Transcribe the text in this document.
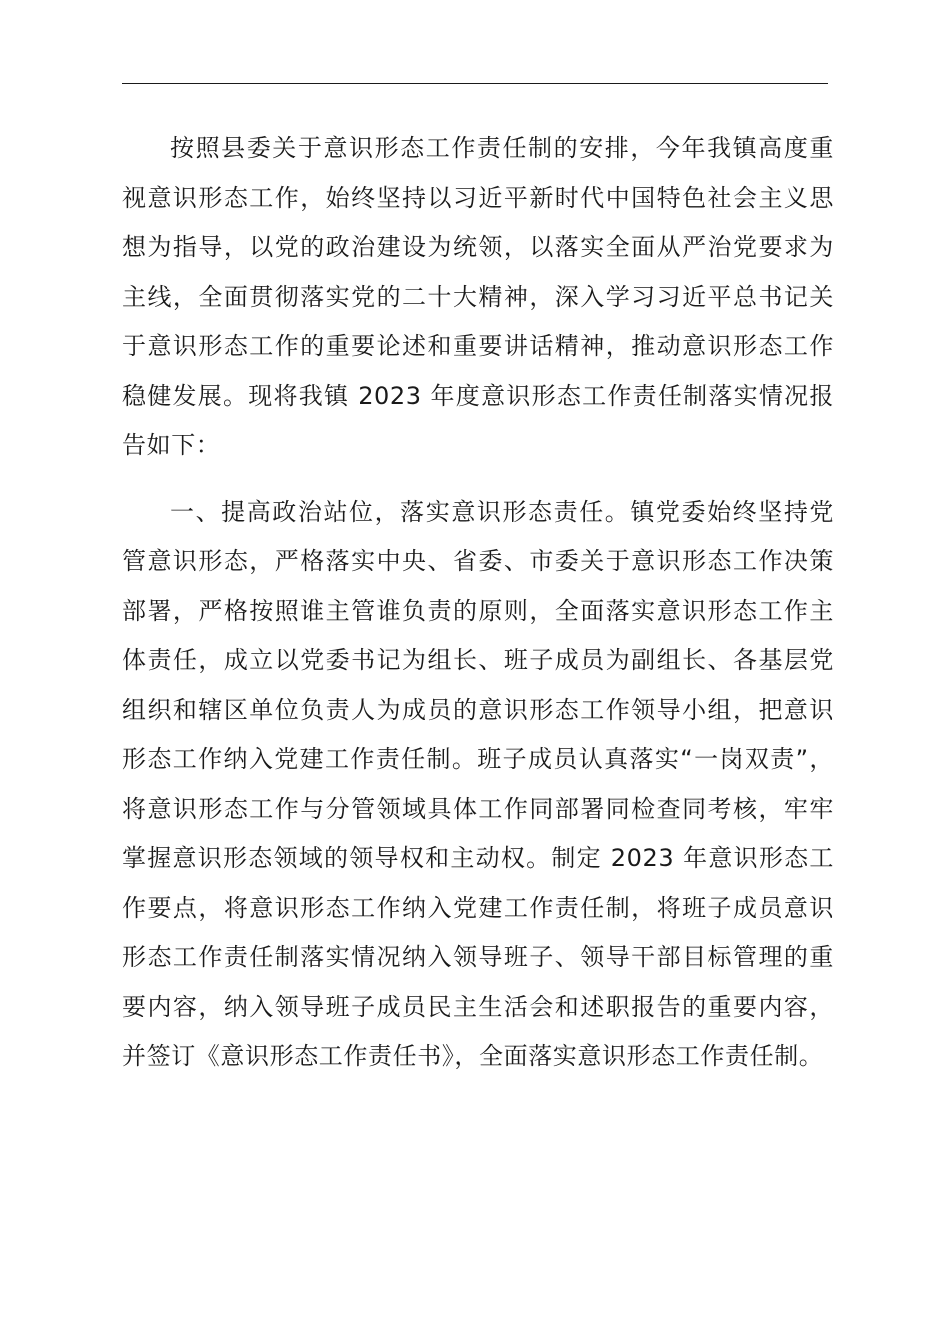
按照县委关于意识形态工作责任制的安排，今年我镇高度重视意识形态工作，始终坚持以习近平新时代中国特色社会主义思想为指导，以党的政治建设为统领，以落实全面从严治党要求为主线，全面贯彻落实党的二十大精神，深入学习习近平总书记关于意识形态工作的重要论述和重要讲话精神，推动意识形态工作稳健发展。现将我镇 2023 年度意识形态工作责任制落实情况报告如下：

一、提高政治站位，落实意识形态责任。镇党委始终坚持党管意识形态，严格落实中央、省委、市委关于意识形态工作决策部署，严格按照谁主管谁负责的原则，全面落实意识形态工作主体责任，成立以党委书记为组长、班子成员为副组长、各基层党组织和辖区单位负责人为成员的意识形态工作领导小组，把意识形态工作纳入党建工作责任制。班子成员认真落实“一岗双责”，将意识形态工作与分管领域具体工作同部署同检查同考核，牢牢掌握意识形态领域的领导权和主动权。制定 2023 年意识形态工作要点，将意识形态工作纳入党建工作责任制，将班子成员意识形态工作责任制落实情况纳入领导班子、领导干部目标管理的重要内容，纳入领导班子成员民主生活会和述职报告的重要内容，并签订《意识形态工作责任书》，全面落实意识形态工作责任制。
